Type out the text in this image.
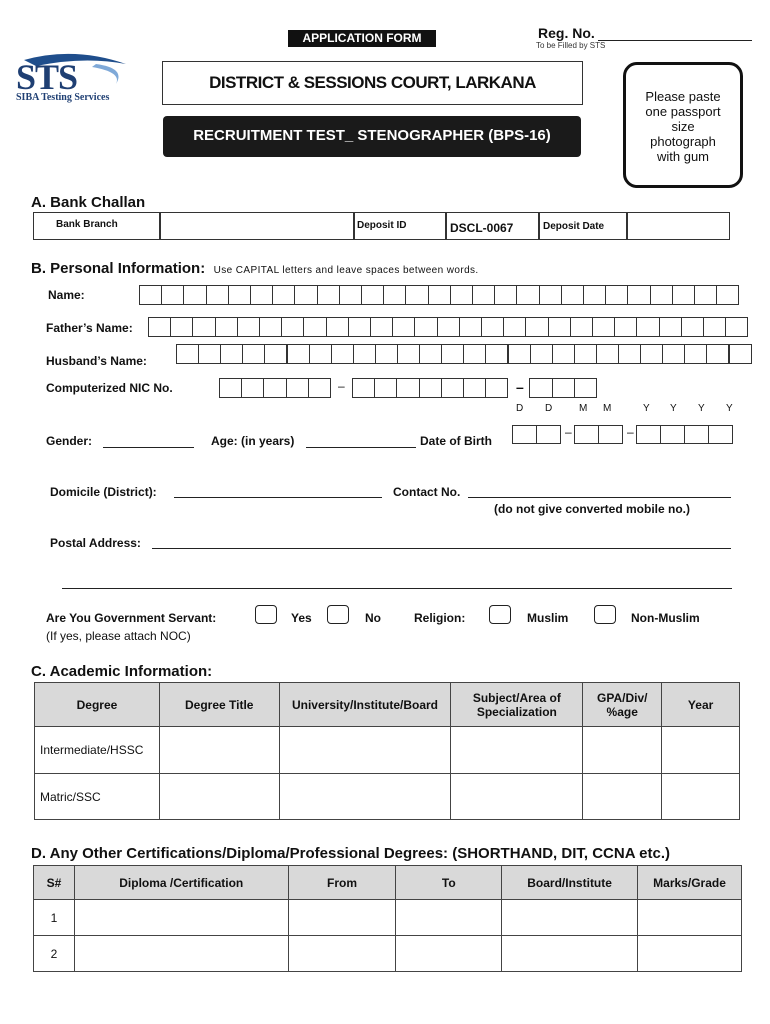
APPLICATION FORM	Reg. No.
To be Filled by STS
STS
SIBA Testing Services
DISTRICT & SESSIONS COURT, LARKANA
RECRUITMENT TEST_ STENOGRAPHER (BPS-16)
Please paste
one passport
size
photograph
with gum
A. Bank Challan
Bank Branch	Deposit ID	DSCL-0067	Deposit Date
B. Personal Information: Use CAPITAL letters and leave spaces between words.
Name:
Father’s Name:
Husband’s Name:
Computerized NIC No.	–	–
D D	M M	Y Y Y Y
Gender:	Age: (in years)	Date of Birth
–	–
Domicile (District):	Contact No.
(do not give converted mobile no.)
Postal Address:
Are You Government Servant:
(If yes, please attach NOC)
Yes	No	Religion:	Muslim	Non-Muslim
C. Academic Information:
Degree	Degree Title	University/Institute/Board	Subject/Area of Specialization	GPA/Div/ %age	Year
Intermediate/HSSC					
Matric/SSC					
D. Any Other Certifications/Diploma/Professional Degrees: (SHORTHAND, DIT, CCNA etc.)
S#	Diploma /Certification	From	To	Board/Institute	Marks/Grade
1					
2					
